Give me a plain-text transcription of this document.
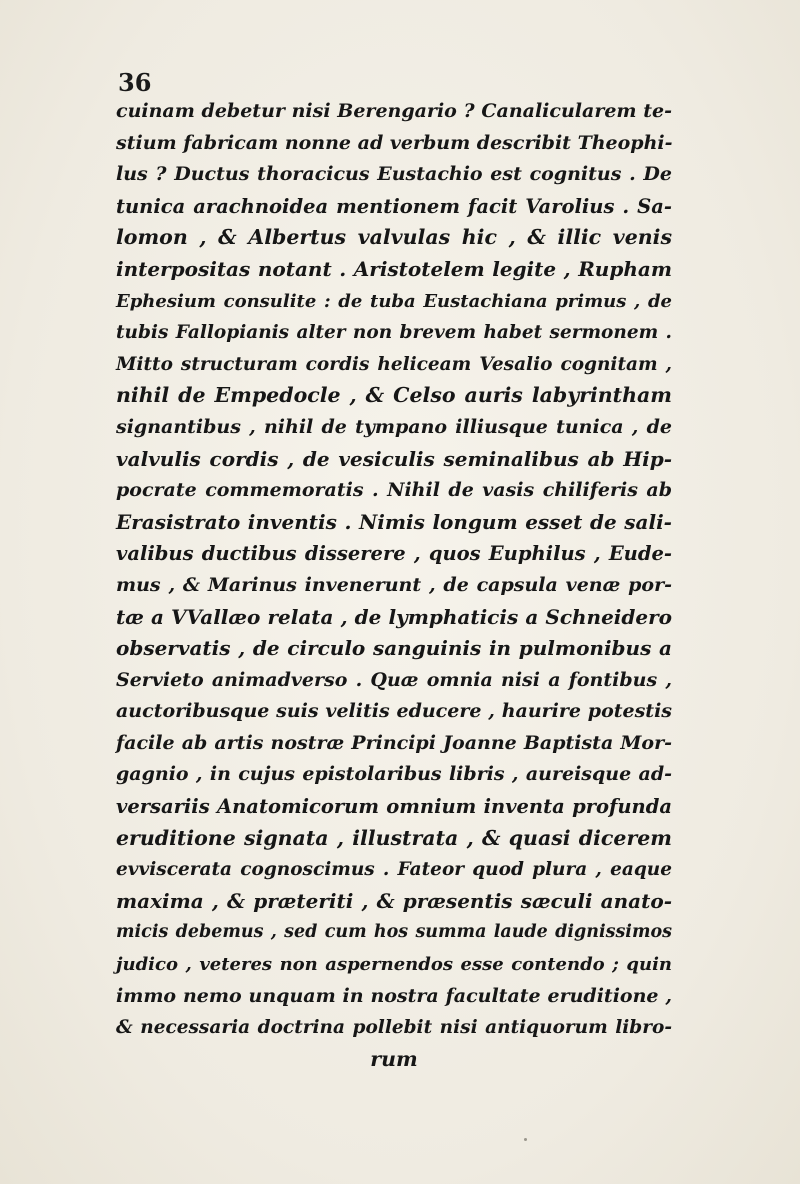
36
cuinam debetur nisi Berengario ? Canalicularem te-
stium fabricam nonne ad verbum describit Theophi-
lus ? Ductus thoracicus Eustachio est cognitus . De
tunica arachnoidea mentionem facit Varolius . Sa-
lomon , & Albertus valvulas hic , & illic venis
interpositas notant . Aristotelem legite , Rupham
Ephesium consulite : de tuba Eustachiana primus , de
tubis Fallopianis alter non brevem habet sermonem .
Mitto structuram cordis heliceam Vesalio cognitam ,
nihil de Empedocle , & Celso auris labyrintham
signantibus , nihil de tympano illiusque tunica , de
valvulis cordis , de vesiculis seminalibus ab Hip-
pocrate commemoratis . Nihil de vasis chiliferis ab
Erasistrato inventis . Nimis longum esset de sali-
valibus ductibus disserere , quos Euphilus , Eude-
mus , & Marinus invenerunt , de capsula venæ por-
tæ a VVallæo relata , de lymphaticis a Schneidero
observatis , de circulo sanguinis in pulmonibus a
Servieto animadverso . Quæ omnia nisi a fontibus ,
auctoribusque suis velitis educere , haurire potestis
facile ab artis nostræ Principi Joanne Baptista Mor-
gagnio , in cujus epistolaribus libris , aureisque ad-
versariis Anatomicorum omnium inventa profunda
eruditione signata , illustrata , & quasi dicerem
evviscerata cognoscimus . Fateor quod plura , eaque
maxima , & præteriti , & præsentis sæculi anato-
micis debemus , sed cum hos summa laude dignissimos
judico , veteres non aspernendos esse contendo ; quin
immo nemo unquam in nostra facultate eruditione ,
& necessaria doctrina pollebit nisi antiquorum libro-
rum
